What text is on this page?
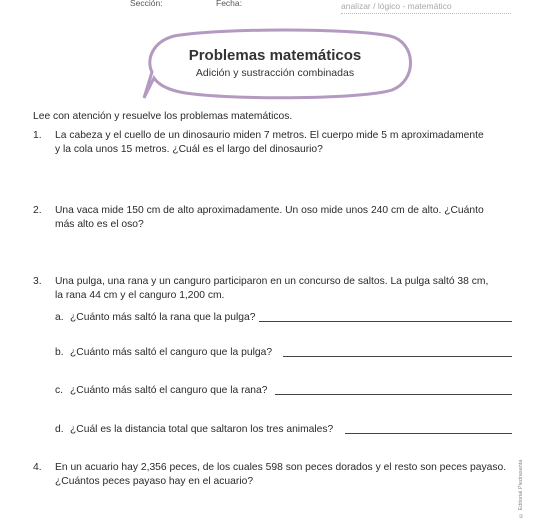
Sección:	Fecha:	analizar / lógico - matemático
Problemas matemáticos
Adición y sustracción combinadas
Lee con atención y resuelve los problemas matemáticos.
1. La cabeza y el cuello de un dinosaurio miden 7 metros. El cuerpo mide 5 m aproximadamente
y la cola unos 15 metros. ¿Cuál es el largo del dinosaurio?
2. Una vaca mide 150 cm de alto aproximadamente. Un oso mide unos 240 cm de alto. ¿Cuánto
más alto es el oso?
3. Una pulga, una rana y un canguro participaron en un concurso de saltos. La pulga saltó 38 cm,
la rana 44 cm y el canguro 1,200 cm.
a. ¿Cuánto más saltó la rana que la pulga?
b. ¿Cuánto más saltó el canguro que la pulga?
c. ¿Cuánto más saltó el canguro que la rana?
d. ¿Cuál es la distancia total que saltaron los tres animales?
4. En un acuario hay 2,356 peces, de los cuales 598 son peces dorados y el resto son peces payaso.
¿Cuántos peces payaso hay en el acuario?	© Editorial Piedrasanta
